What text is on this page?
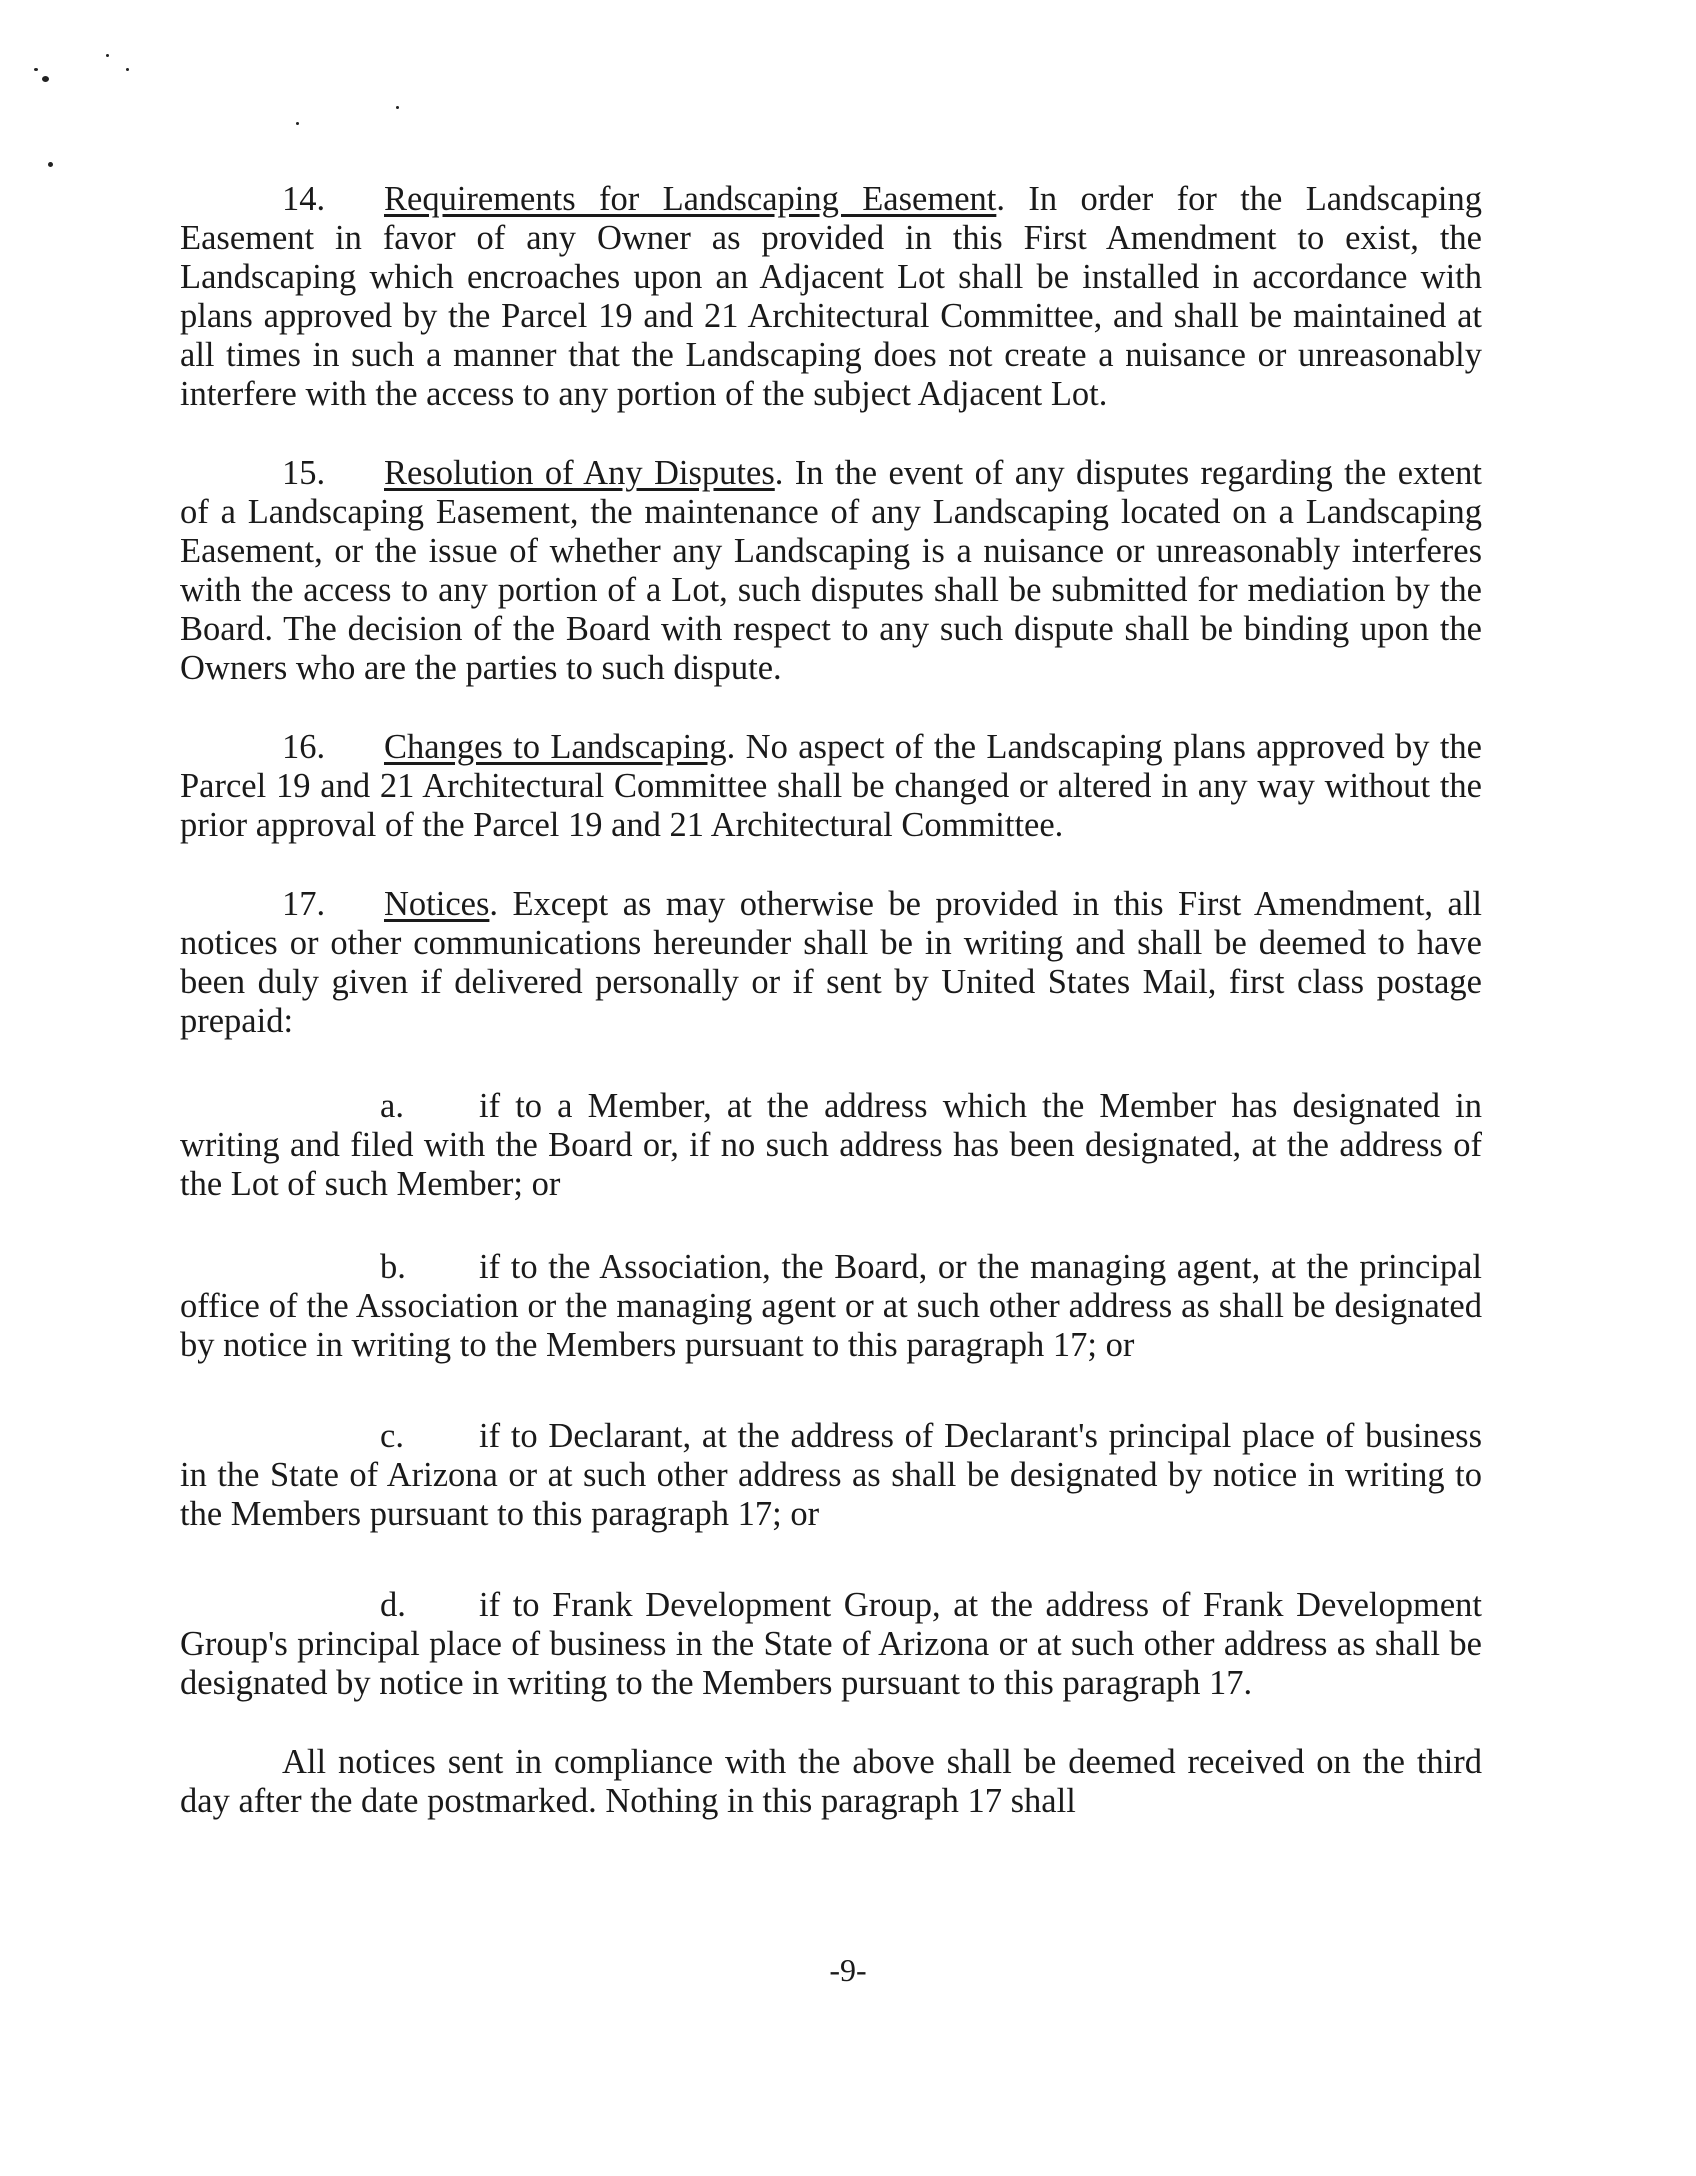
14. Requirements for Landscaping Easement. In order for the Landscaping Easement in favor of any Owner as provided in this First Amendment to exist, the Landscaping which encroaches upon an Adjacent Lot shall be installed in accordance with plans approved by the Parcel 19 and 21 Architectural Committee, and shall be maintained at all times in such a manner that the Landscaping does not create a nuisance or unreasonably interfere with the access to any portion of the subject Adjacent Lot.

15. Resolution of Any Disputes. In the event of any disputes regarding the extent of a Landscaping Easement, the maintenance of any Landscaping located on a Landscaping Easement, or the issue of whether any Landscaping is a nuisance or unreasonably interferes with the access to any portion of a Lot, such disputes shall be submitted for mediation by the Board. The decision of the Board with respect to any such dispute shall be binding upon the Owners who are the parties to such dispute.

16. Changes to Landscaping. No aspect of the Landscaping plans approved by the Parcel 19 and 21 Architectural Committee shall be changed or altered in any way without the prior approval of the Parcel 19 and 21 Architectural Committee.

17. Notices. Except as may otherwise be provided in this First Amendment, all notices or other communications hereunder shall be in writing and shall be deemed to have been duly given if delivered personally or if sent by United States Mail, first class postage prepaid:

a. if to a Member, at the address which the Member has designated in writing and filed with the Board or, if no such address has been designated, at the address of the Lot of such Member; or

b. if to the Association, the Board, or the managing agent, at the principal office of the Association or the managing agent or at such other address as shall be designated by notice in writing to the Members pursuant to this paragraph 17; or

c. if to Declarant, at the address of Declarant's principal place of business in the State of Arizona or at such other address as shall be designated by notice in writing to the Members pursuant to this paragraph 17; or

d. if to Frank Development Group, at the address of Frank Development Group's principal place of business in the State of Arizona or at such other address as shall be designated by notice in writing to the Members pursuant to this paragraph 17.

All notices sent in compliance with the above shall be deemed received on the third day after the date postmarked. Nothing in this paragraph 17 shall

-9-
